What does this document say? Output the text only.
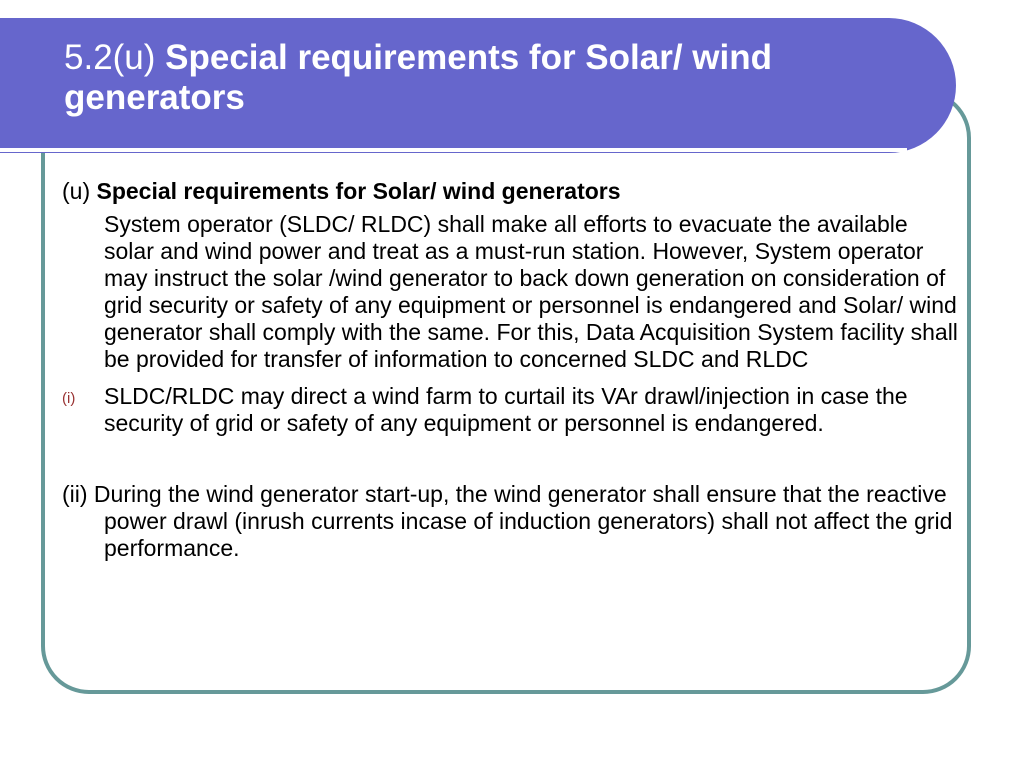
5.2(u) Special requirements for Solar/ wind generators

(u) Special requirements for Solar/ wind generators

System operator (SLDC/ RLDC) shall make all efforts to evacuate the available solar and wind power and treat as a must-run station. However, System operator may instruct the solar /wind generator to back down generation on consideration of grid security or safety of any equipment or personnel is endangered and Solar/ wind generator shall comply with the same. For this, Data Acquisition System facility shall be provided for transfer of information to concerned SLDC and RLDC

(i) SLDC/RLDC may direct a wind farm to curtail its VAr drawl/injection in case the security of grid or safety of any equipment or personnel is endangered.

(ii) During the wind generator start-up, the wind generator shall ensure that the reactive power drawl (inrush currents incase of induction generators) shall not affect the grid performance.
